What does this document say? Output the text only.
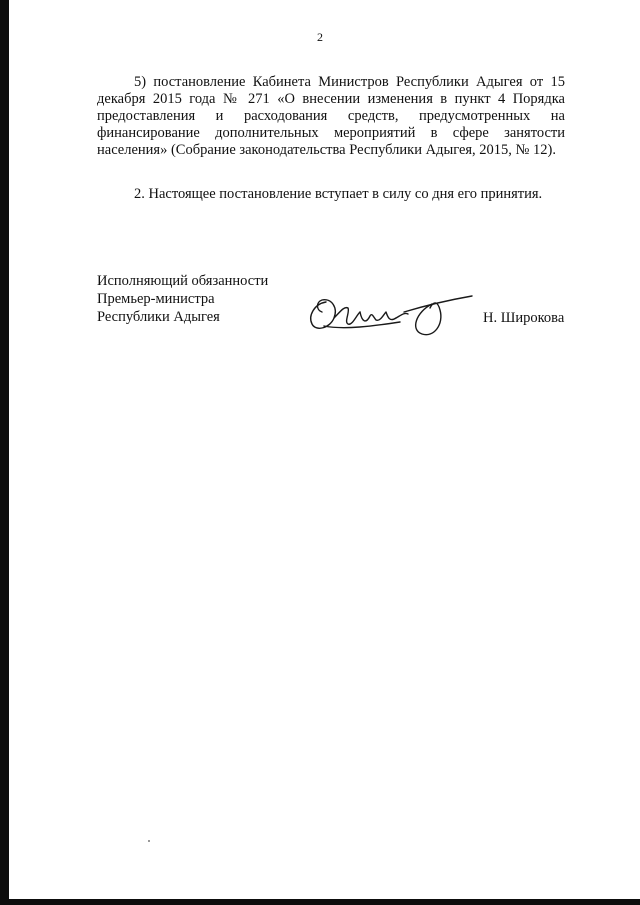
2
5) постановление Кабинета Министров Республики Адыгея от 15
декабря 2015 года № 271 «О внесении изменения в пункт 4 Порядка
предоставления и расходования средств, предусмотренных на
финансирование дополнительных мероприятий в сфере занятости
населения» (Собрание законодательства Республики Адыгея, 2015, № 12).
2. Настоящее постановление вступает в силу со дня его принятия.
Исполняющий обязанности
Премьер-министра
Республики Адыгея	Н. Широкова
